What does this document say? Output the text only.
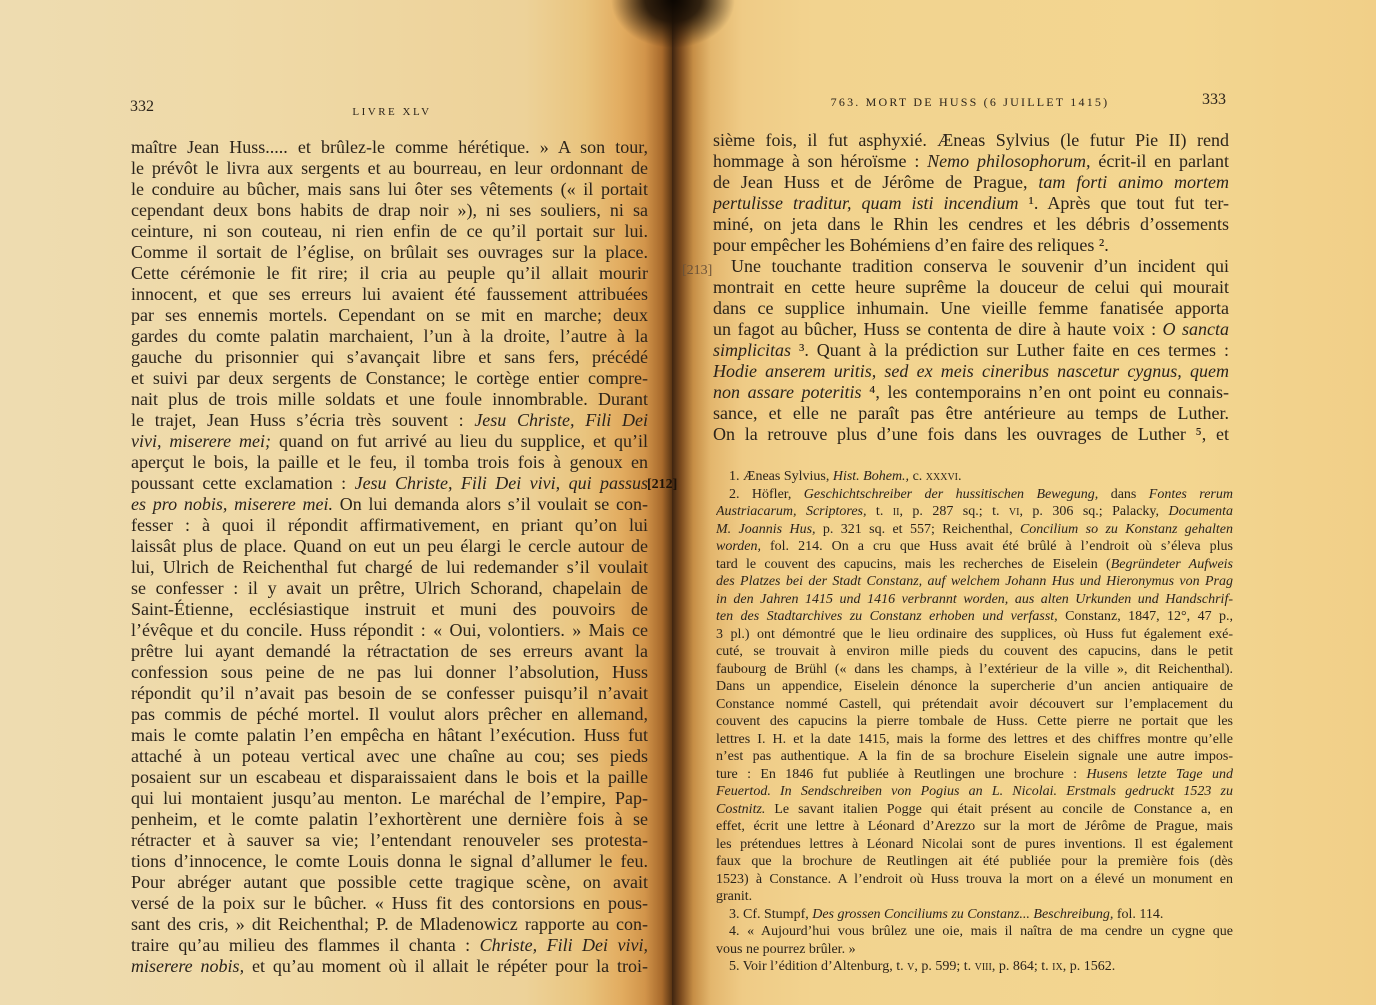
332	LIVRE XLV
maître Jean Huss..... et brûlez-le comme hérétique. » A son tour,
le prévôt le livra aux sergents et au bourreau, en leur ordonnant de
le conduire au bûcher, mais sans lui ôter ses vêtements (« il portait
cependant deux bons habits de drap noir »), ni ses souliers, ni sa
ceinture, ni son couteau, ni rien enfin de ce qu’il portait sur lui.
Comme il sortait de l’église, on brûlait ses ouvrages sur la place.
Cette cérémonie le fit rire; il cria au peuple qu’il allait mourir
innocent, et que ses erreurs lui avaient été faussement attribuées
par ses ennemis mortels. Cependant on se mit en marche; deux
gardes du comte palatin marchaient, l’un à la droite, l’autre à la
gauche du prisonnier qui s’avançait libre et sans fers, précédé
et suivi par deux sergents de Constance; le cortège entier compre-
nait plus de trois mille soldats et une foule innombrable. Durant
le trajet, Jean Huss s’écria très souvent : Jesu Christe, Fili Dei
vivi, miserere mei; quand on fut arrivé au lieu du supplice, et qu’il
aperçut le bois, la paille et le feu, il tomba trois fois à genoux en
poussant cette exclamation : Jesu Christe, Fili Dei vivi, qui passus
es pro nobis, miserere mei. On lui demanda alors s’il voulait se con-
fesser : à quoi il répondit affirmativement, en priant qu’on lui
laissât plus de place. Quand on eut un peu élargi le cercle autour de
lui, Ulrich de Reichenthal fut chargé de lui redemander s’il voulait
se confesser : il y avait un prêtre, Ulrich Schorand, chapelain de
Saint-Étienne, ecclésiastique instruit et muni des pouvoirs de
l’évêque et du concile. Huss répondit : « Oui, volontiers. » Mais ce
prêtre lui ayant demandé la rétractation de ses erreurs avant la
confession sous peine de ne pas lui donner l’absolution, Huss
répondit qu’il n’avait pas besoin de se confesser puisqu’il n’avait
pas commis de péché mortel. Il voulut alors prêcher en allemand,
mais le comte palatin l’en empêcha en hâtant l’exécution. Huss fut
attaché à un poteau vertical avec une chaîne au cou; ses pieds
posaient sur un escabeau et disparaissaient dans le bois et la paille
qui lui montaient jusqu’au menton. Le maréchal de l’empire, Pap-
penheim, et le comte palatin l’exhortèrent une dernière fois à se
rétracter et à sauver sa vie; l’entendant renouveler ses protesta-
tions d’innocence, le comte Louis donna le signal d’allumer le feu.
Pour abréger autant que possible cette tragique scène, on avait
versé de la poix sur le bûcher. « Huss fit des contorsions en pous-
sant des cris, » dit Reichenthal; P. de Mladenowicz rapporte au con-
traire qu’au milieu des flammes il chanta : Christe, Fili Dei vivi,
miserere nobis, et qu’au moment où il allait le répéter pour la troi-
[212]
763. MORT DE HUSS (6 JUILLET 1415)	333
[213]
sième fois, il fut asphyxié. Æneas Sylvius (le futur Pie II) rend
hommage à son héroïsme : Nemo philosophorum, écrit-il en parlant
de Jean Huss et de Jérôme de Prague, tam forti animo mortem
pertulisse traditur, quam isti incendium ¹. Après que tout fut ter-
miné, on jeta dans le Rhin les cendres et les débris d’ossements
pour empêcher les Bohémiens d’en faire des reliques ².
Une touchante tradition conserva le souvenir d’un incident qui
montrait en cette heure suprême la douceur de celui qui mourait
dans ce supplice inhumain. Une vieille femme fanatisée apporta
un fagot au bûcher, Huss se contenta de dire à haute voix : O sancta
simplicitas ³. Quant à la prédiction sur Luther faite en ces termes :
Hodie anserem uritis, sed ex meis cineribus nascetur cygnus, quem
non assare poteritis ⁴, les contemporains n’en ont point eu connais-
sance, et elle ne paraît pas être antérieure au temps de Luther.
On la retrouve plus d’une fois dans les ouvrages de Luther ⁵, et
1. Æneas Sylvius, Hist. Bohem., c. xxxvi.
2. Höfler, Geschichtschreiber der hussitischen Bewegung, dans Fontes rerum
Austriacarum, Scriptores, t. ii, p. 287 sq.; t. vi, p. 306 sq.; Palacky, Documenta
M. Joannis Hus, p. 321 sq. et 557; Reichenthal, Concilium so zu Konstanz gehalten
worden, fol. 214. On a cru que Huss avait été brûlé à l’endroit où s’éleva plus
tard le couvent des capucins, mais les recherches de Eiselein (Begründeter Aufweis
des Platzes bei der Stadt Constanz, auf welchem Johann Hus und Hieronymus von Prag
in den Jahren 1415 und 1416 verbrannt worden, aus alten Urkunden und Handschrif-
ten des Stadtarchives zu Constanz erhoben und verfasst, Constanz, 1847, 12°, 47 p.,
3 pl.) ont démontré que le lieu ordinaire des supplices, où Huss fut également exé-
cuté, se trouvait à environ mille pieds du couvent des capucins, dans le petit
faubourg de Brühl (« dans les champs, à l’extérieur de la ville », dit Reichenthal).
Dans un appendice, Eiselein dénonce la supercherie d’un ancien antiquaire de
Constance nommé Castell, qui prétendait avoir découvert sur l’emplacement du
couvent des capucins la pierre tombale de Huss. Cette pierre ne portait que les
lettres I. H. et la date 1415, mais la forme des lettres et des chiffres montre qu’elle
n’est pas authentique. A la fin de sa brochure Eiselein signale une autre impos-
ture : En 1846 fut publiée à Reutlingen une brochure : Husens letzte Tage und
Feuertod. In Sendschreiben von Pogius an L. Nicolai. Erstmals gedruckt 1523 zu
Costnitz. Le savant italien Pogge qui était présent au concile de Constance a, en
effet, écrit une lettre à Léonard d’Arezzo sur la mort de Jérôme de Prague, mais
les prétendues lettres à Léonard Nicolai sont de pures inventions. Il est également
faux que la brochure de Reutlingen ait été publiée pour la première fois (dès
1523) à Constance. A l’endroit où Huss trouva la mort on a élevé un monument en
granit.
3. Cf. Stumpf, Des grossen Conciliums zu Constanz... Beschreibung, fol. 114.
4. « Aujourd’hui vous brûlez une oie, mais il naîtra de ma cendre un cygne que
vous ne pourrez brûler. »
5. Voir l’édition d’Altenburg, t. v, p. 599; t. viii, p. 864; t. ix, p. 1562.
